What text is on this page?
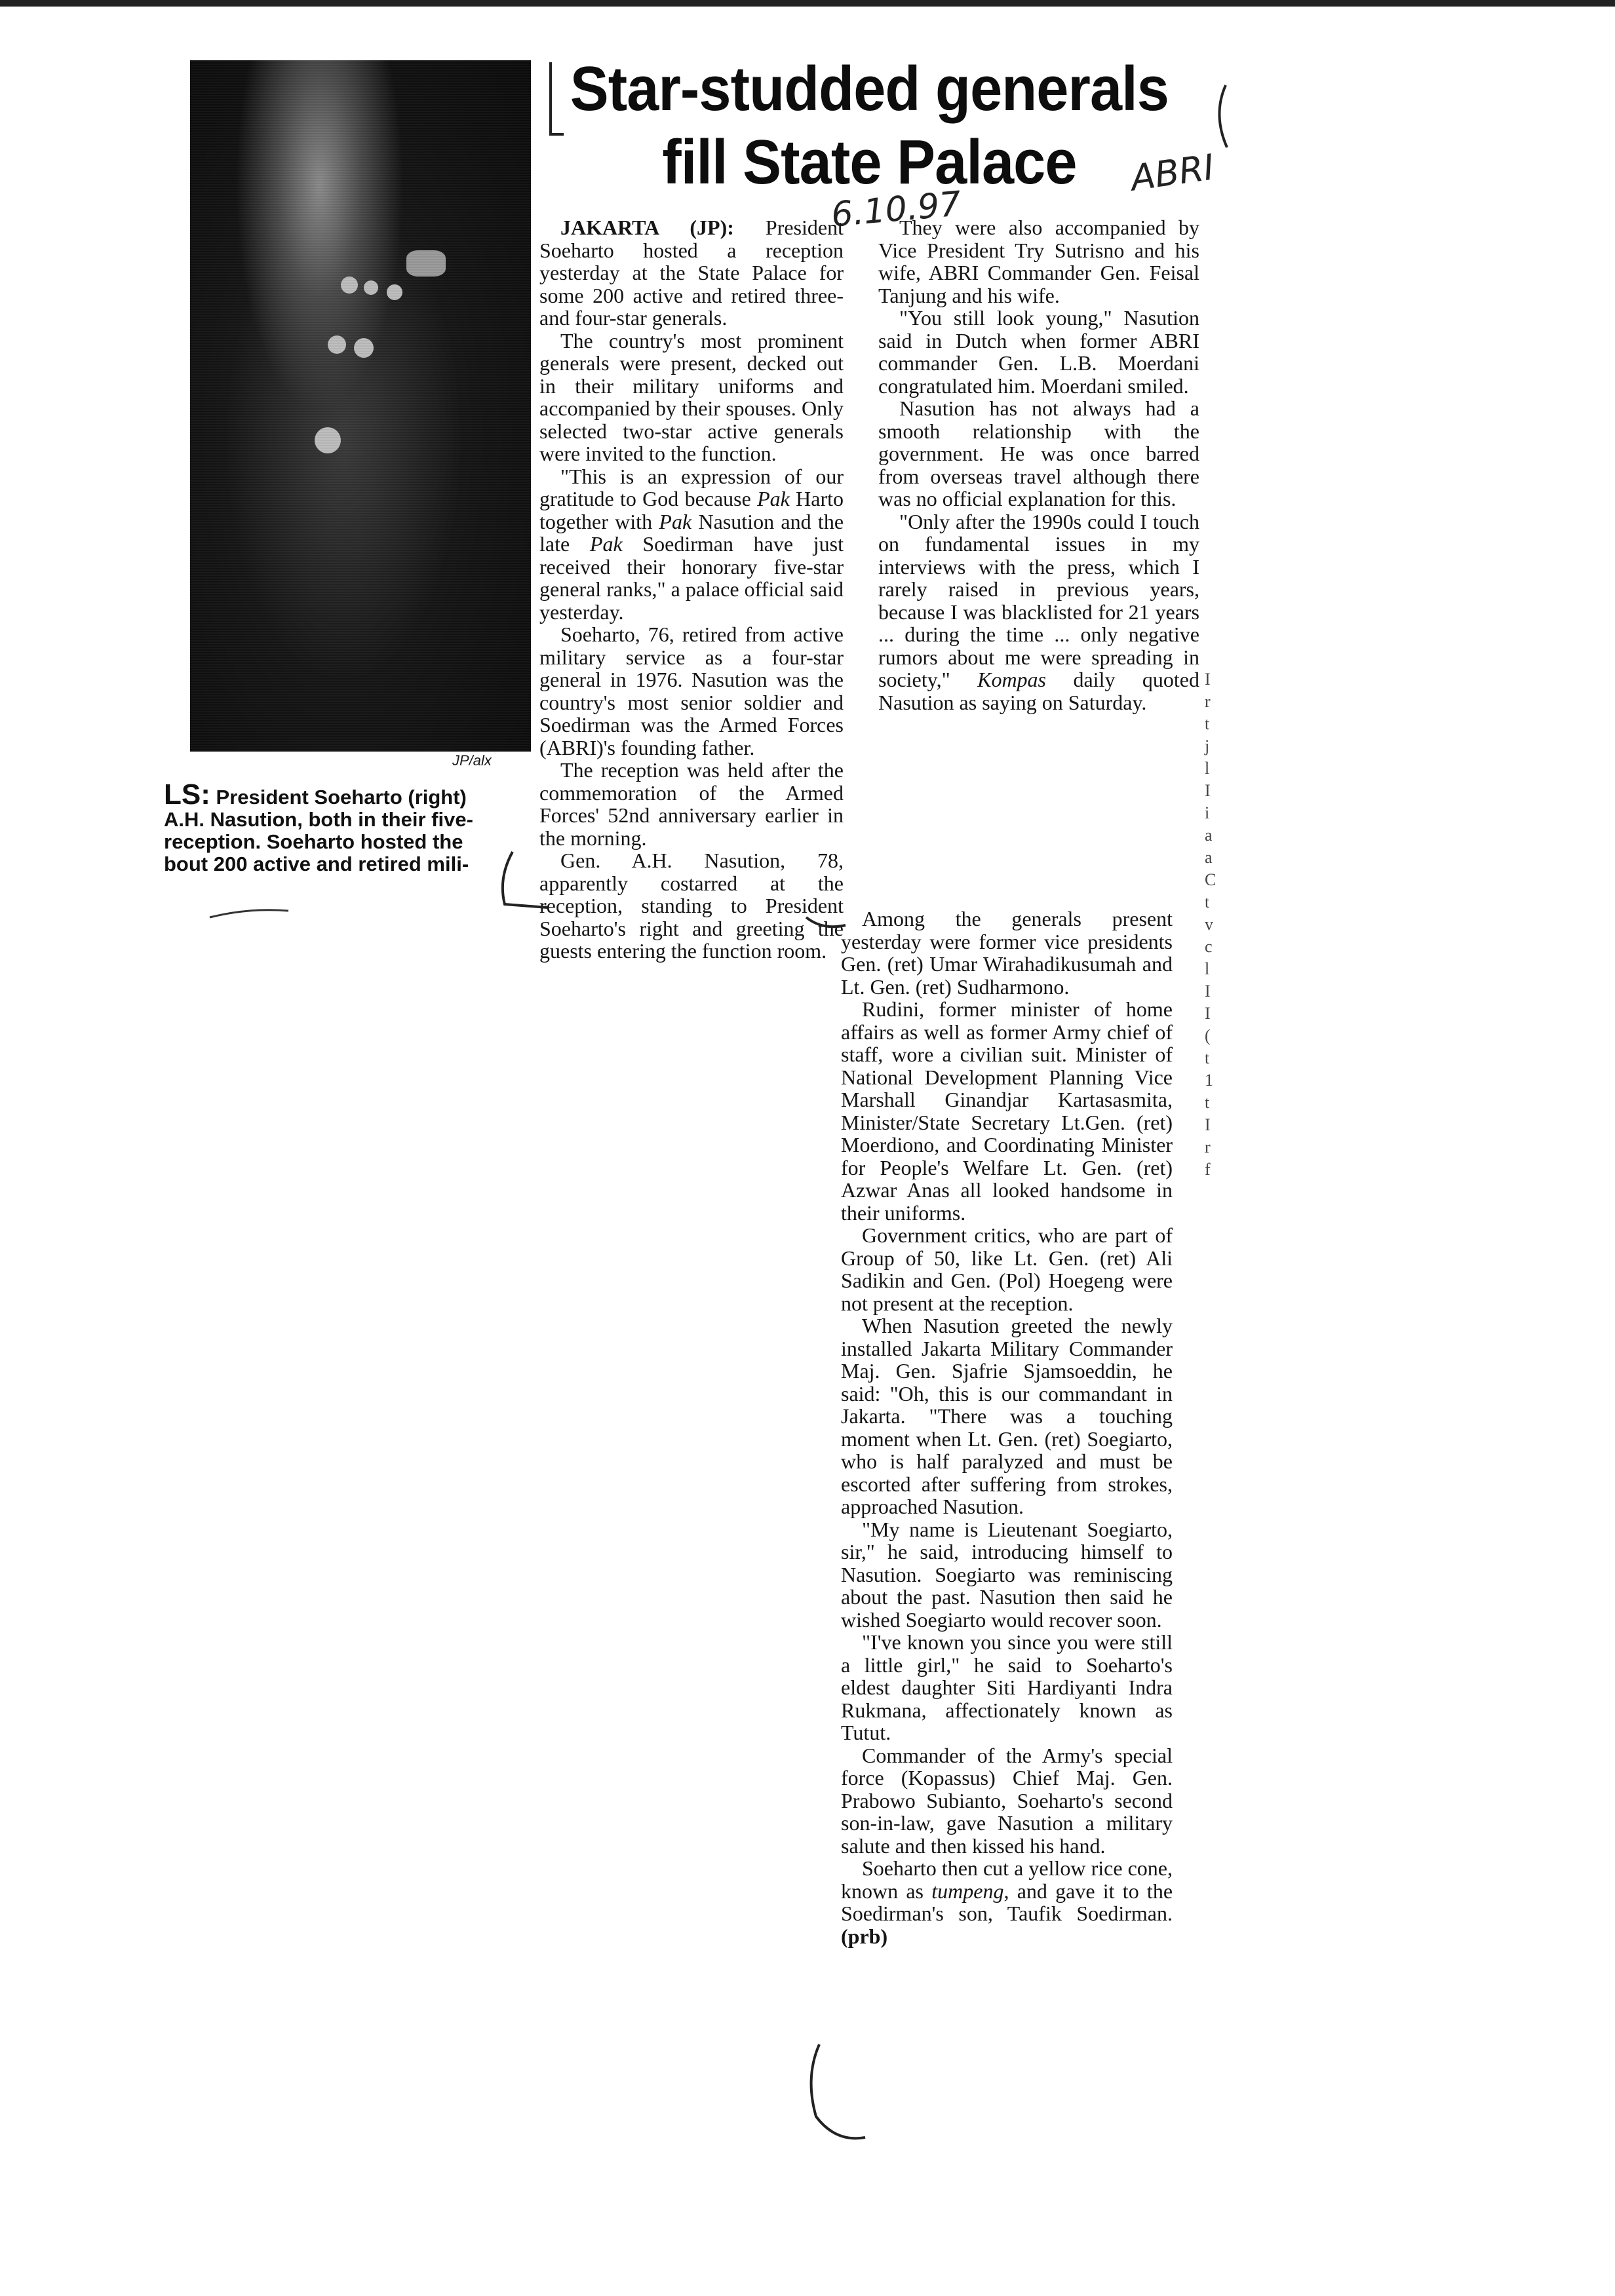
JP/alx

LS: President Soeharto (right)

A.H. Nasution, both in their five-

reception. Soeharto hosted the

bout 200 active and retired mili-

Star-studded generals
fill State Palace	ABRI
6.10.97

JAKARTA (JP): President Soeharto hosted a reception yesterday at the State Palace for some 200 active and retired three- and four-star generals.

The country's most prominent generals were present, decked out in their military uniforms and accompanied by their spouses. Only selected two-star active generals were invited to the function.

"This is an expression of our gratitude to God because Pak Harto together with Pak Nasution and the late Pak Soedirman have just received their honorary five-star general ranks," a palace official said yesterday.

Soeharto, 76, retired from active military service as a four-star general in 1976. Nasution was the country's most senior soldier and Soedirman was the Armed Forces (ABRI)'s founding father.

The reception was held after the commemoration of the Armed Forces' 52nd anniversary earlier in the morning.

Gen. A.H. Nasution, 78, apparently costarred at the reception, standing to President Soeharto's right and greeting the guests entering the function room.

They were also accompanied by Vice President Try Sutrisno and his wife, ABRI Commander Gen. Feisal Tanjung and his wife.

"You still look young," Nasution said in Dutch when former ABRI commander Gen. L.B. Moerdani congratulated him. Moerdani smiled.

Nasution has not always had a smooth relationship with the government. He was once barred from overseas travel although there was no official explanation for this.

"Only after the 1990s could I touch on fundamental issues in my interviews with the press, which I rarely raised in previous years, because I was blacklisted for 21 years ... during the time ... only negative rumors about me were spreading in society," Kompas daily quoted Nasution as saying on Saturday.

Among the generals present yesterday were former vice presidents Gen. (ret) Umar Wirahadikusumah and Lt. Gen. (ret) Sudharmono.

Rudini, former minister of home affairs as well as former Army chief of staff, wore a civilian suit. Minister of National Development Planning Vice Marshall Ginandjar Kartasasmita, Minister/State Secretary Lt.Gen. (ret) Moerdiono, and Coordinating Minister for People's Welfare Lt. Gen. (ret) Azwar Anas all looked handsome in their uniforms.

Government critics, who are part of Group of 50, like Lt. Gen. (ret) Ali Sadikin and Gen. (Pol) Hoegeng were not present at the reception.

When Nasution greeted the newly installed Jakarta Military Commander Maj. Gen. Sjafrie Sjamsoeddin, he said: "Oh, this is our commandant in Jakarta. "There was a touching moment when Lt. Gen. (ret) Soegiarto, who is half paralyzed and must be escorted after suffering from strokes, approached Nasution.

"My name is Lieutenant Soegiarto, sir," he said, introducing himself to Nasution. Soegiarto was reminiscing about the past. Nasution then said he wished Soegiarto would recover soon.

"I've known you since you were still a little girl," he said to Soeharto's eldest daughter Siti Hardiyanti Indra Rukmana, affectionately known as Tutut.

Commander of the Army's special force (Kopassus) Chief Maj. Gen. Prabowo Subianto, Soeharto's second son-in-law, gave Nasution a military salute and then kissed his hand.

Soeharto then cut a yellow rice cone, known as tumpeng, and gave it to the Soedirman's son, Taufik Soedirman. (prb)

I
r
t
j
l
I
i
a
a
C
t
v
c
l
I
I
(
t
1
t
I
r
f
